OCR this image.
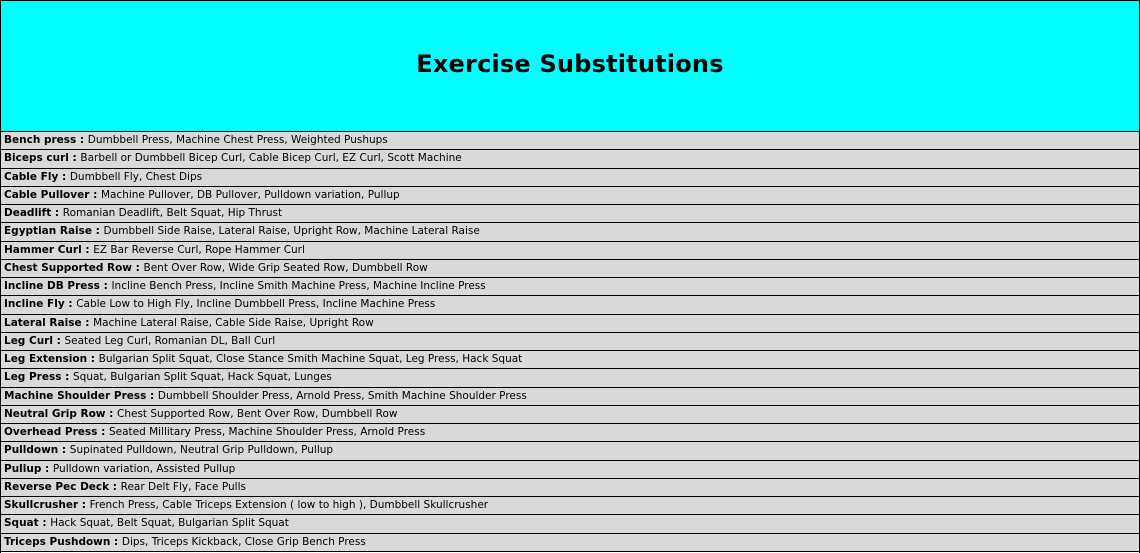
Exercise Substitutions
Bench press : Dumbbell Press, Machine Chest Press, Weighted Pushups
Biceps curl : Barbell or Dumbbell Bicep Curl, Cable Bicep Curl, EZ Curl, Scott Machine
Cable Fly : Dumbbell Fly, Chest Dips
Cable Pullover : Machine Pullover, DB Pullover, Pulldown variation, Pullup
Deadlift : Romanian Deadlift, Belt Squat, Hip Thrust
Egyptian Raise : Dumbbell Side Raise, Lateral Raise, Upright Row, Machine Lateral Raise
Hammer Curl : EZ Bar Reverse Curl, Rope Hammer Curl
Chest Supported Row : Bent Over Row, Wide Grip Seated Row, Dumbbell Row
Incline DB Press : Incline Bench Press, Incline Smith Machine Press, Machine Incline Press
Incline Fly : Cable Low to High Fly, Incline Dumbbell Press, Incline Machine Press
Lateral Raise : Machine Lateral Raise, Cable Side Raise, Upright Row
Leg Curl : Seated Leg Curl, Romanian DL, Ball Curl
Leg Extension : Bulgarian Split Squat, Close Stance Smith Machine Squat, Leg Press, Hack Squat
Leg Press : Squat, Bulgarian Split Squat, Hack Squat, Lunges
Machine Shoulder Press : Dumbbell Shoulder Press, Arnold Press, Smith Machine Shoulder Press
Neutral Grip Row : Chest Supported Row, Bent Over Row, Dumbbell Row
Overhead Press : Seated Millitary Press, Machine Shoulder Press, Arnold Press
Pulldown : Supinated Pulldown, Neutral Grip Pulldown, Pullup
Pullup : Pulldown variation, Assisted Pullup
Reverse Pec Deck : Rear Delt Fly, Face Pulls
Skullcrusher : French Press, Cable Triceps Extension ( low to high ), Dumbbell Skullcrusher
Squat : Hack Squat, Belt Squat, Bulgarian Split Squat
Triceps Pushdown : Dips, Triceps Kickback, Close Grip Bench Press
